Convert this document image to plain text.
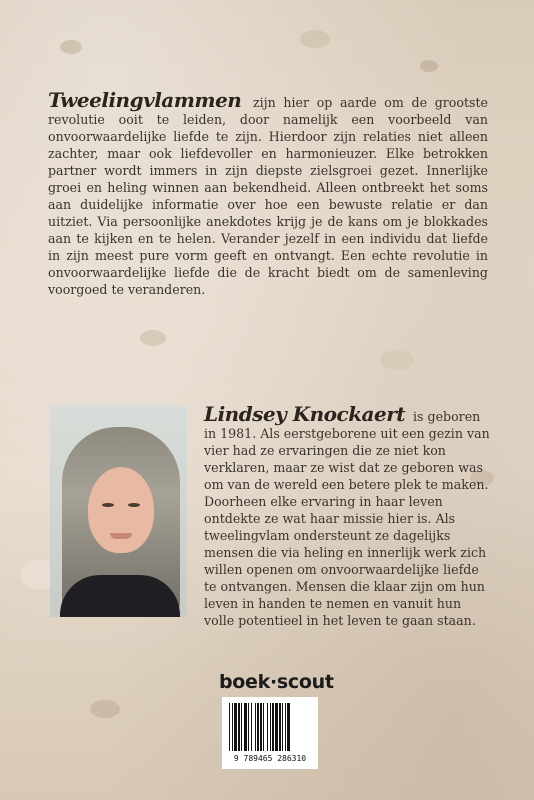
Tweelingvlammen zijn hier op aarde om de grootste revolutie ooit te leiden, door namelijk een voorbeeld van onvoorwaardelijke liefde te zijn. Hierdoor zijn relaties niet alleen zachter, maar ook liefdevoller en harmonieuzer. Elke betrokken partner wordt immers in zijn diepste zielsgroei gezet. Innerlijke groei en heling winnen aan bekendheid. Alleen ontbreekt het soms aan duidelijke informatie over hoe een bewuste relatie er dan uitziet. Via persoonlijke anekdotes krijg je de kans om je blokkades aan te kijken en te helen. Verander jezelf in een individu dat liefde in zijn meest pure vorm geeft en ontvangt. Een echte revolutie in onvoorwaardelijke liefde die de kracht biedt om de samenleving voorgoed te veranderen.
Lindsey Knockaert is geboren in 1981. Als eerstgeborene uit een gezin van vier had ze ervaringen die ze niet kon verklaren, maar ze wist dat ze geboren was om van de wereld een betere plek te maken. Doorheen elke ervaring in haar leven ontdekte ze wat haar missie hier is. Als tweelingvlam ondersteunt ze dagelijks mensen die via heling en innerlijk werk zich willen openen om onvoorwaardelijke liefde te ontvangen. Mensen die klaar zijn om hun leven in handen te nemen en vanuit hun volle potentieel in het leven te gaan staan.
boek·scout
9 789465 286310
